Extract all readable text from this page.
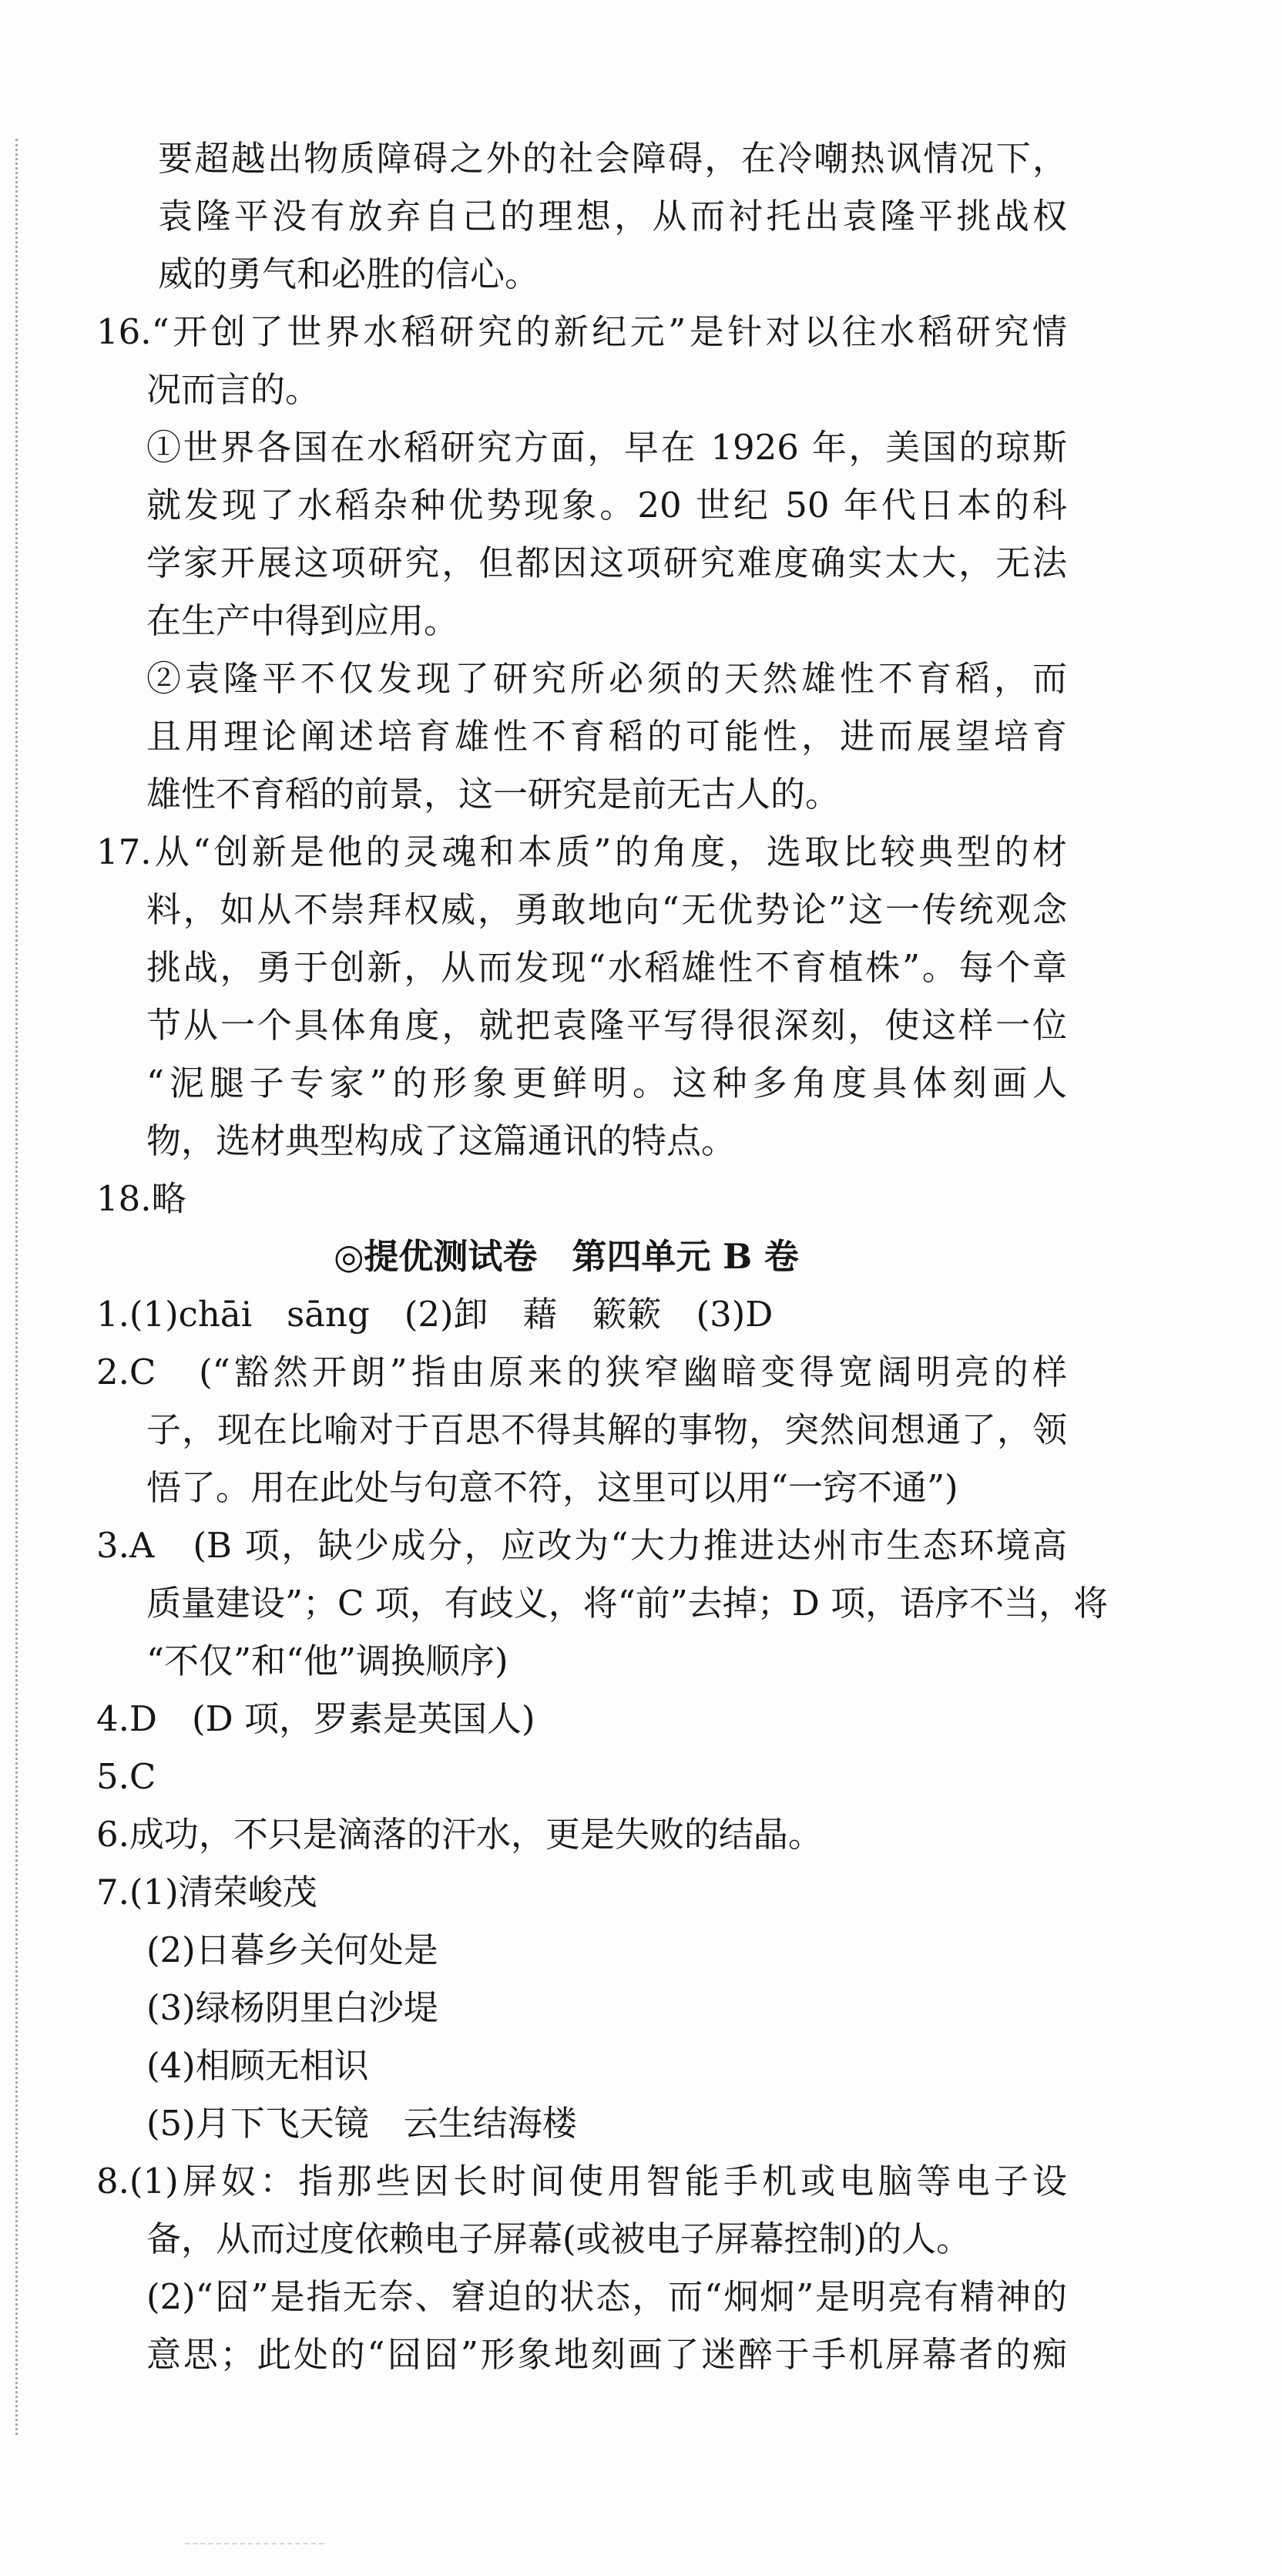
要超越出物质障碍之外的社会障碍，在冷嘲热讽情况下，
袁隆平没有放弃自己的理想，从而衬托出袁隆平挑战权
威的勇气和必胜的信心。
16.“开创了世界水稻研究的新纪元”是针对以往水稻研究情
况而言的。
①世界各国在水稻研究方面，早在 1926 年，美国的琼斯
就发现了水稻杂种优势现象。20 世纪 50 年代日本的科
学家开展这项研究，但都因这项研究难度确实太大，无法
在生产中得到应用。
②袁隆平不仅发现了研究所必须的天然雄性不育稻，而
且用理论阐述培育雄性不育稻的可能性，进而展望培育
雄性不育稻的前景，这一研究是前无古人的。
17.从“创新是他的灵魂和本质”的角度，选取比较典型的材
料，如从不崇拜权威，勇敢地向“无优势论”这一传统观念
挑战，勇于创新，从而发现“水稻雄性不育植株”。每个章
节从一个具体角度，就把袁隆平写得很深刻，使这样一位
“泥腿子专家”的形象更鲜明。这种多角度具体刻画人
物，选材典型构成了这篇通讯的特点。
18.略
◎提优测试卷　第四单元 B 卷
1.(1)chāi　sāng　(2)卸　藉　簌簌　(3)D
2.C　(“豁然开朗”指由原来的狭窄幽暗变得宽阔明亮的样
子，现在比喻对于百思不得其解的事物，突然间想通了，领
悟了。用在此处与句意不符，这里可以用“一窍不通”)
3.A　(B 项，缺少成分，应改为“大力推进达州市生态环境高
质量建设”；C 项，有歧义，将“前”去掉；D 项，语序不当，将
“不仅”和“他”调换顺序)
4.D　(D 项，罗素是英国人)
5.C
6.成功，不只是滴落的汗水，更是失败的结晶。
7.(1)清荣峻茂
(2)日暮乡关何处是
(3)绿杨阴里白沙堤
(4)相顾无相识
(5)月下飞天镜　云生结海楼
8.(1)屏奴：指那些因长时间使用智能手机或电脑等电子设
备，从而过度依赖电子屏幕(或被电子屏幕控制)的人。
(2)“囧”是指无奈、窘迫的状态，而“炯炯”是明亮有精神的
意思；此处的“囧囧”形象地刻画了迷醉于手机屏幕者的痴
